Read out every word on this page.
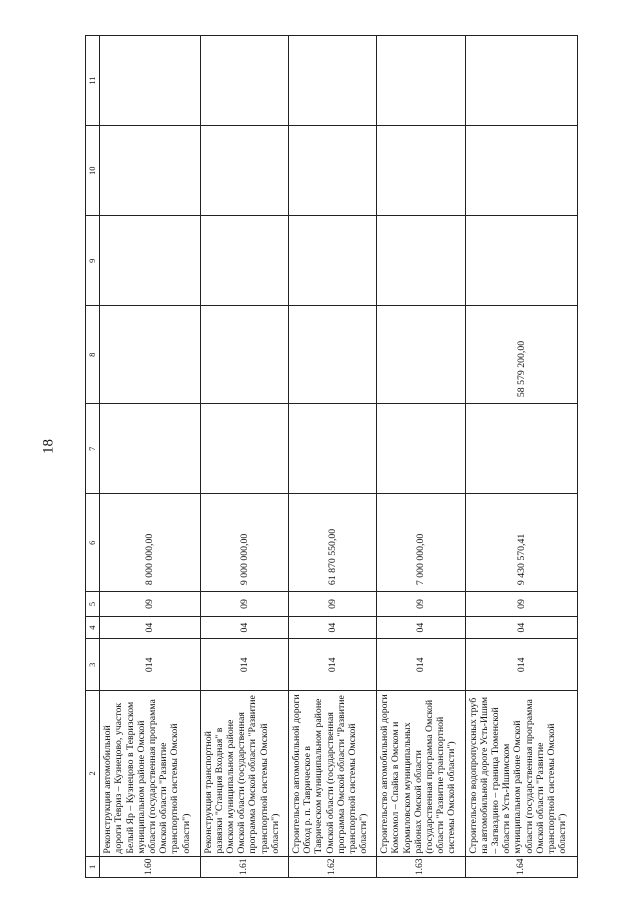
18
1	2	3	4	5	6	7	8	9	10	11
1.60	Реконструкция автомобильной дороги Тевриз – Кузнецово, участок Белый Яр – Кузнецово в Тевризском муниципальном районе Омской области (государственная программа Омской области "Развитие транспортной системы Омской области")	014	04	09	8 000 000,00					
1.61	Реконструкция транспортной развязки "Станция Входная" в Омском муниципальном районе Омской области (государственная программа Омской области "Развитие транспортной системы Омской области")	014	04	09	9 000 000,00					
1.62	Строительство автомобильной дороги Обход р. п. Таврическое в Таврическом муниципальном районе Омской области (государственная программа Омской области "Развитие транспортной системы Омской области")	014	04	09	61 870 550,00					
1.63	Строительство автомобильной дороги Комсомол – Спайка в Омском и Кормиловском муниципальных районах Омской области (государственная программа Омской области "Развитие транспортной системы Омской области")	014	04	09	7 000 000,00					
1.64	Строительство водопропускных труб на автомобильной дороге Усть-Ишим – Загваздино – граница Тюменской области в Усть-Ишимском муниципальном районе Омской области (государственная программа Омской области "Развитие транспортной системы Омской области")	014	04	09	9 430 570,41		58 579 200,00			
